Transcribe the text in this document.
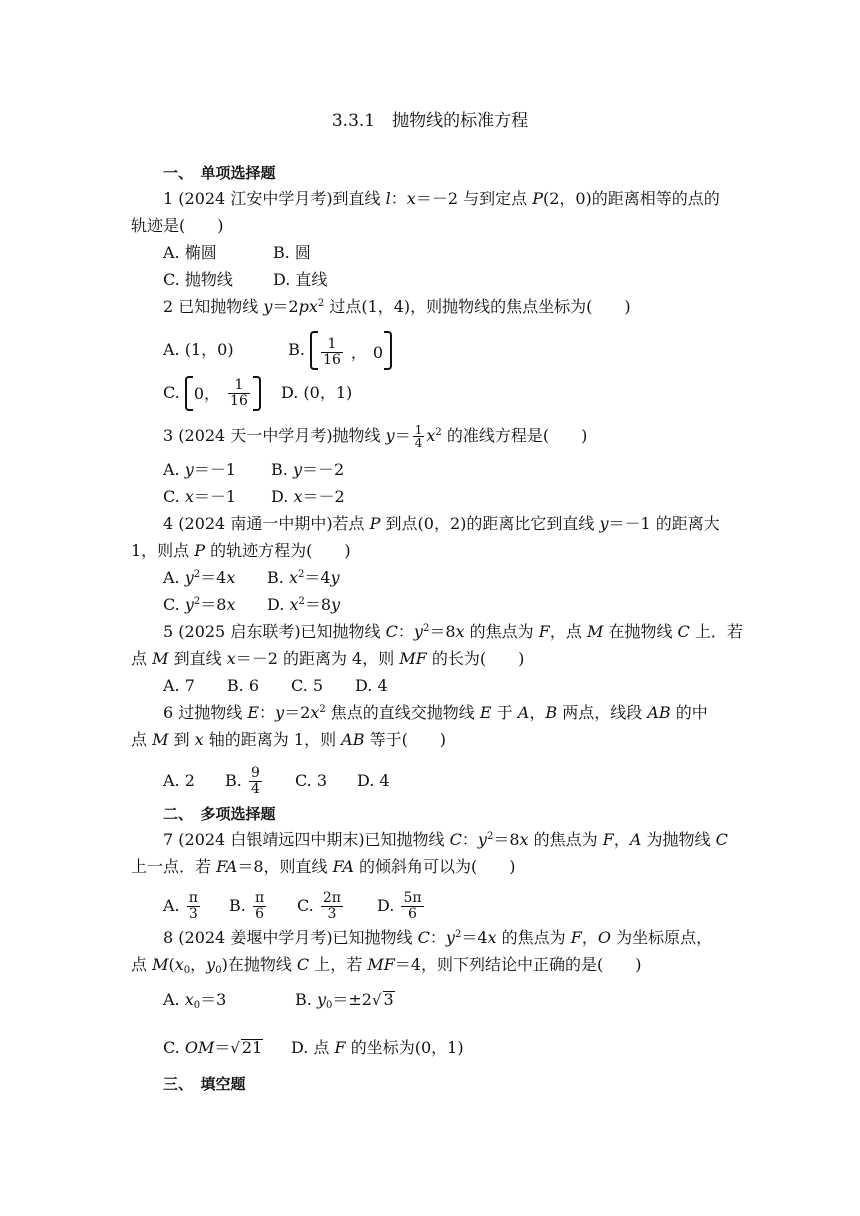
3.3.1　抛物线的标准方程
一、　单项选择题
1 (2024 江安中学月考)到直线 l：x＝－2 与到定点 P(2，0)的距离相等的点的
轨迹是(　　)
A. 椭圆	B. 圆
C. 抛物线	D. 直线
2 已知抛物线 $y=2px^2$ 过点(1，4)，则抛物线的焦点坐标为(　　)
A. (1，0)	B. $\frac{1}{16}$ ， 0
C. 0， $\frac{1}{16} D$. (0，1)
3 (2024 天一中学月考)抛物线 $y= \frac{1}{4} x^2$ 的准线方程是(　　)
A. y＝－1 B. y＝－2
C. x＝－1 D. x＝－2
4 (2024 南通一中期中)若点 P 到点(0，2)的距离比它到直线 y＝－1 的距离大
1，则点 P 的轨迹方程为(　　)
A. $y^2=4x$ B. $x^2=4y$
C. $y^2=8x$ D. $x^2=8y$
5 (2025 启东联考)已知抛物线 C：$y^2=8x$ 的焦点为 F，点 M 在抛物线 C 上．若
点 M 到直线 x＝－2 的距离为 4，则 MF 的长为(　　)
A. 7　　B. 6　　C. 5　　D. 4
6 过抛物线 E：$y=2x^2$ 焦点的直线交抛物线 E 于 A，B 两点，线段 AB 的中
点 M 到 x 轴的距离为 1，则 AB 等于(　　)
A. 2 B. $\frac{9}{4} C$. 3 D. 4
二、　多项选择题
7 (2024 白银靖远四中期末)已知抛物线 C：$y^2=8x$ 的焦点为 F，A 为抛物线 C
上一点．若 FA＝8，则直线 FA 的倾斜角可以为(　　)
A. $\frac{\pi}{3} B$. $\frac{\pi}{6} C$. $\frac{2\pi}{3} D$. $\frac{5\pi}{6}$
8 (2024 姜堰中学月考)已知抛物线 C：$y^2=4x$ 的焦点为 F，O 为坐标原点，
点 $M(x_0$，$y_0$)在抛物线 C 上，若 MF＝4，则下列结论中正确的是(　　)
A. $x_0=3$	B. $y_0=\pm 2√$ 3
C. OM＝√ 21 D. 点 F 的坐标为(0，1)
三、　填空题
